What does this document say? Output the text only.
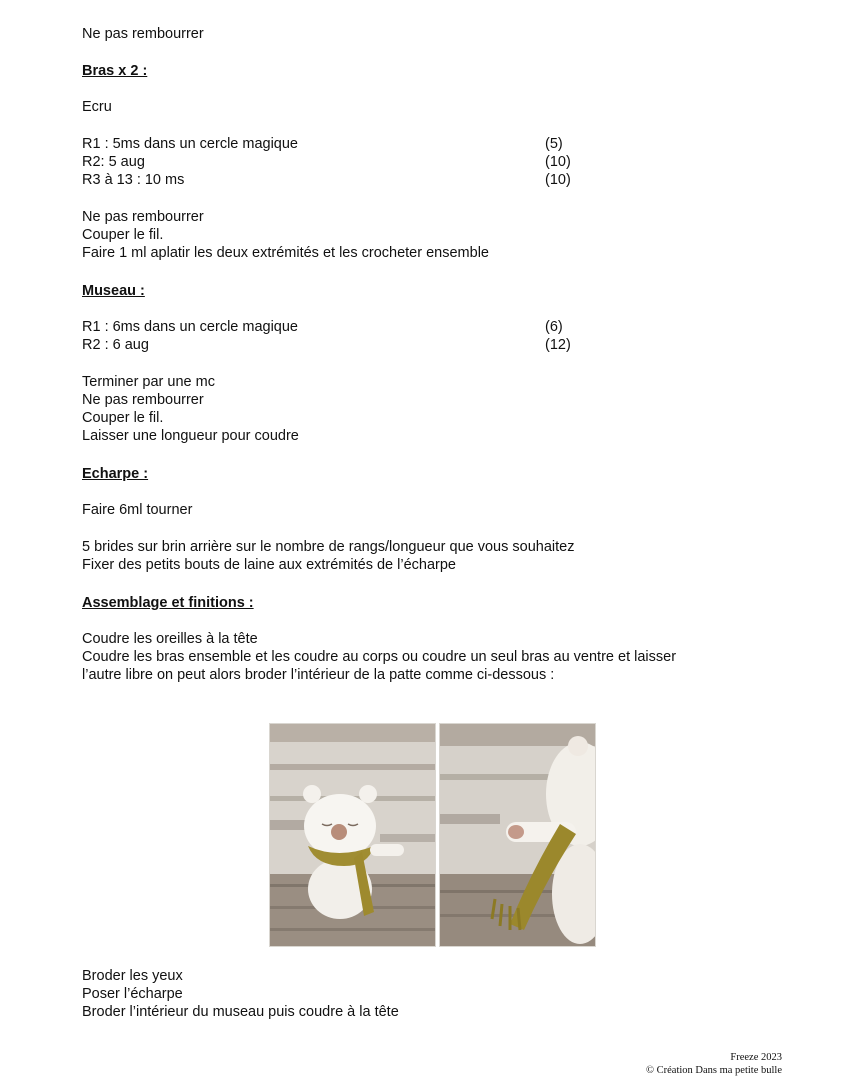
Ne pas rembourrer

Bras x 2 :

Ecru

R1 : 5ms dans un cercle magique	(5)

R2: 5 aug	(10)

R3 à 13 : 10 ms	(10)

Ne pas rembourrer

Couper le fil.

Faire 1 ml aplatir les deux extrémités et les crocheter ensemble

Museau :

R1 : 6ms dans un cercle magique	(6)

R2 : 6 aug	(12)

Terminer par une mc

Ne pas rembourrer

Couper le fil.

Laisser une longueur pour coudre

Echarpe :

Faire 6ml tourner

5 brides sur brin arrière sur le nombre de rangs/longueur que vous souhaitez

Fixer des petits bouts de laine aux extrémités de l’écharpe

Assemblage et finitions :

Coudre les oreilles à la tête

Coudre les bras ensemble et les coudre au corps ou coudre un seul bras au ventre et laisser

l’autre libre on peut alors broder l’intérieur de la patte comme ci-dessous :

Broder les yeux

Poser l’écharpe

Broder l’intérieur du museau puis coudre à la tête

Freeze 2023
© Création Dans ma petite bulle
